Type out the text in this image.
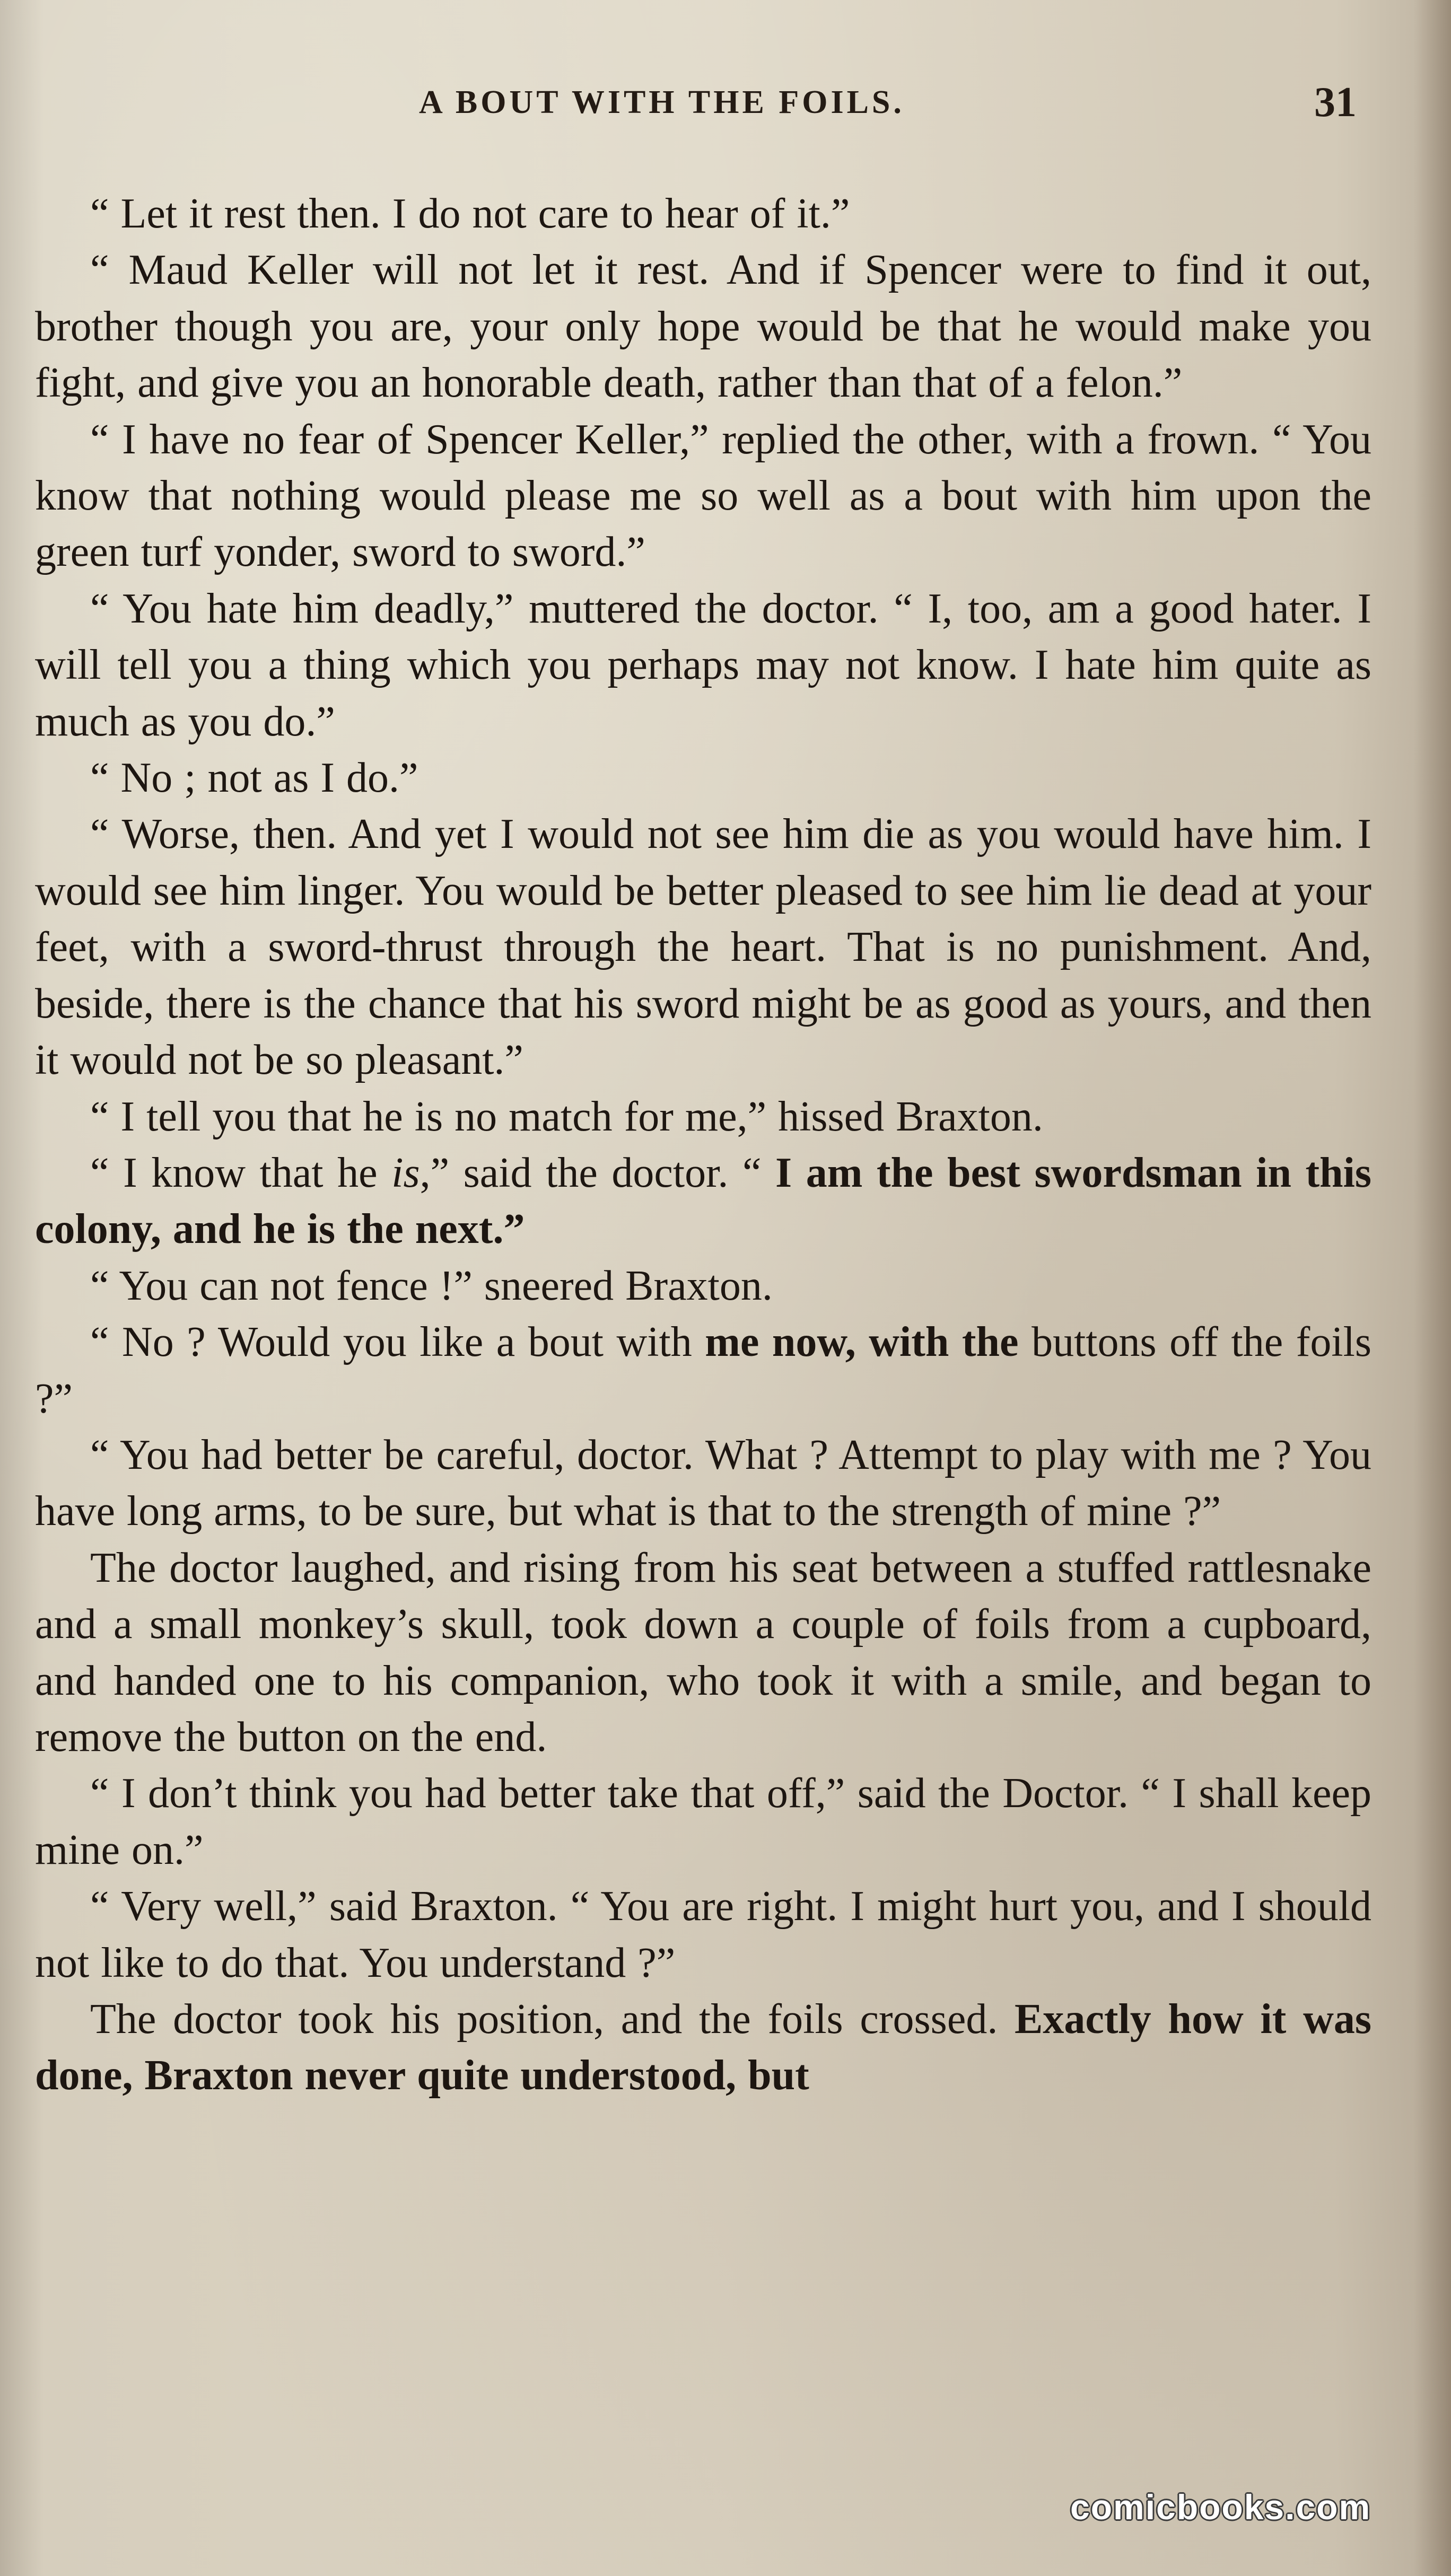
A BOUT WITH THE FOILS.	31

“ Let it rest then. I do not care to hear of it.”

“ Maud Keller will not let it rest. And if Spencer were to find it out, brother though you are, your only hope would be that he would make you fight, and give you an honorable death, rather than that of a felon.”

“ I have no fear of Spencer Keller,” replied the other, with a frown. “ You know that nothing would please me so well as a bout with him upon the green turf yonder, sword to sword.”

“ You hate him deadly,” muttered the doctor. “ I, too, am a good hater. I will tell you a thing which you perhaps may not know. I hate him quite as much as you do.”

“ No ; not as I do.”

“ Worse, then. And yet I would not see him die as you would have him. I would see him linger. You would be better pleased to see him lie dead at your feet, with a sword-thrust through the heart. That is no punishment. And, beside, there is the chance that his sword might be as good as yours, and then it would not be so pleasant.”

“ I tell you that he is no match for me,” hissed Braxton.

“ I know that he is,” said the doctor. “ I am the best swordsman in this colony, and he is the next.”

“ You can not fence !” sneered Braxton.

“ No ? Would you like a bout with me now, with the buttons off the foils ?”

“ You had better be careful, doctor. What ? Attempt to play with me ? You have long arms, to be sure, but what is that to the strength of mine ?”

The doctor laughed, and rising from his seat between a stuffed rattlesnake and a small monkey’s skull, took down a couple of foils from a cupboard, and handed one to his companion, who took it with a smile, and began to remove the button on the end.

“ I don’t think you had better take that off,” said the Doctor. “ I shall keep mine on.”

“ Very well,” said Braxton. “ You are right. I might hurt you, and I should not like to do that. You understand ?”

The doctor took his position, and the foils crossed. Exactly how it was done, Braxton never quite understood, but

comicbooks.com
